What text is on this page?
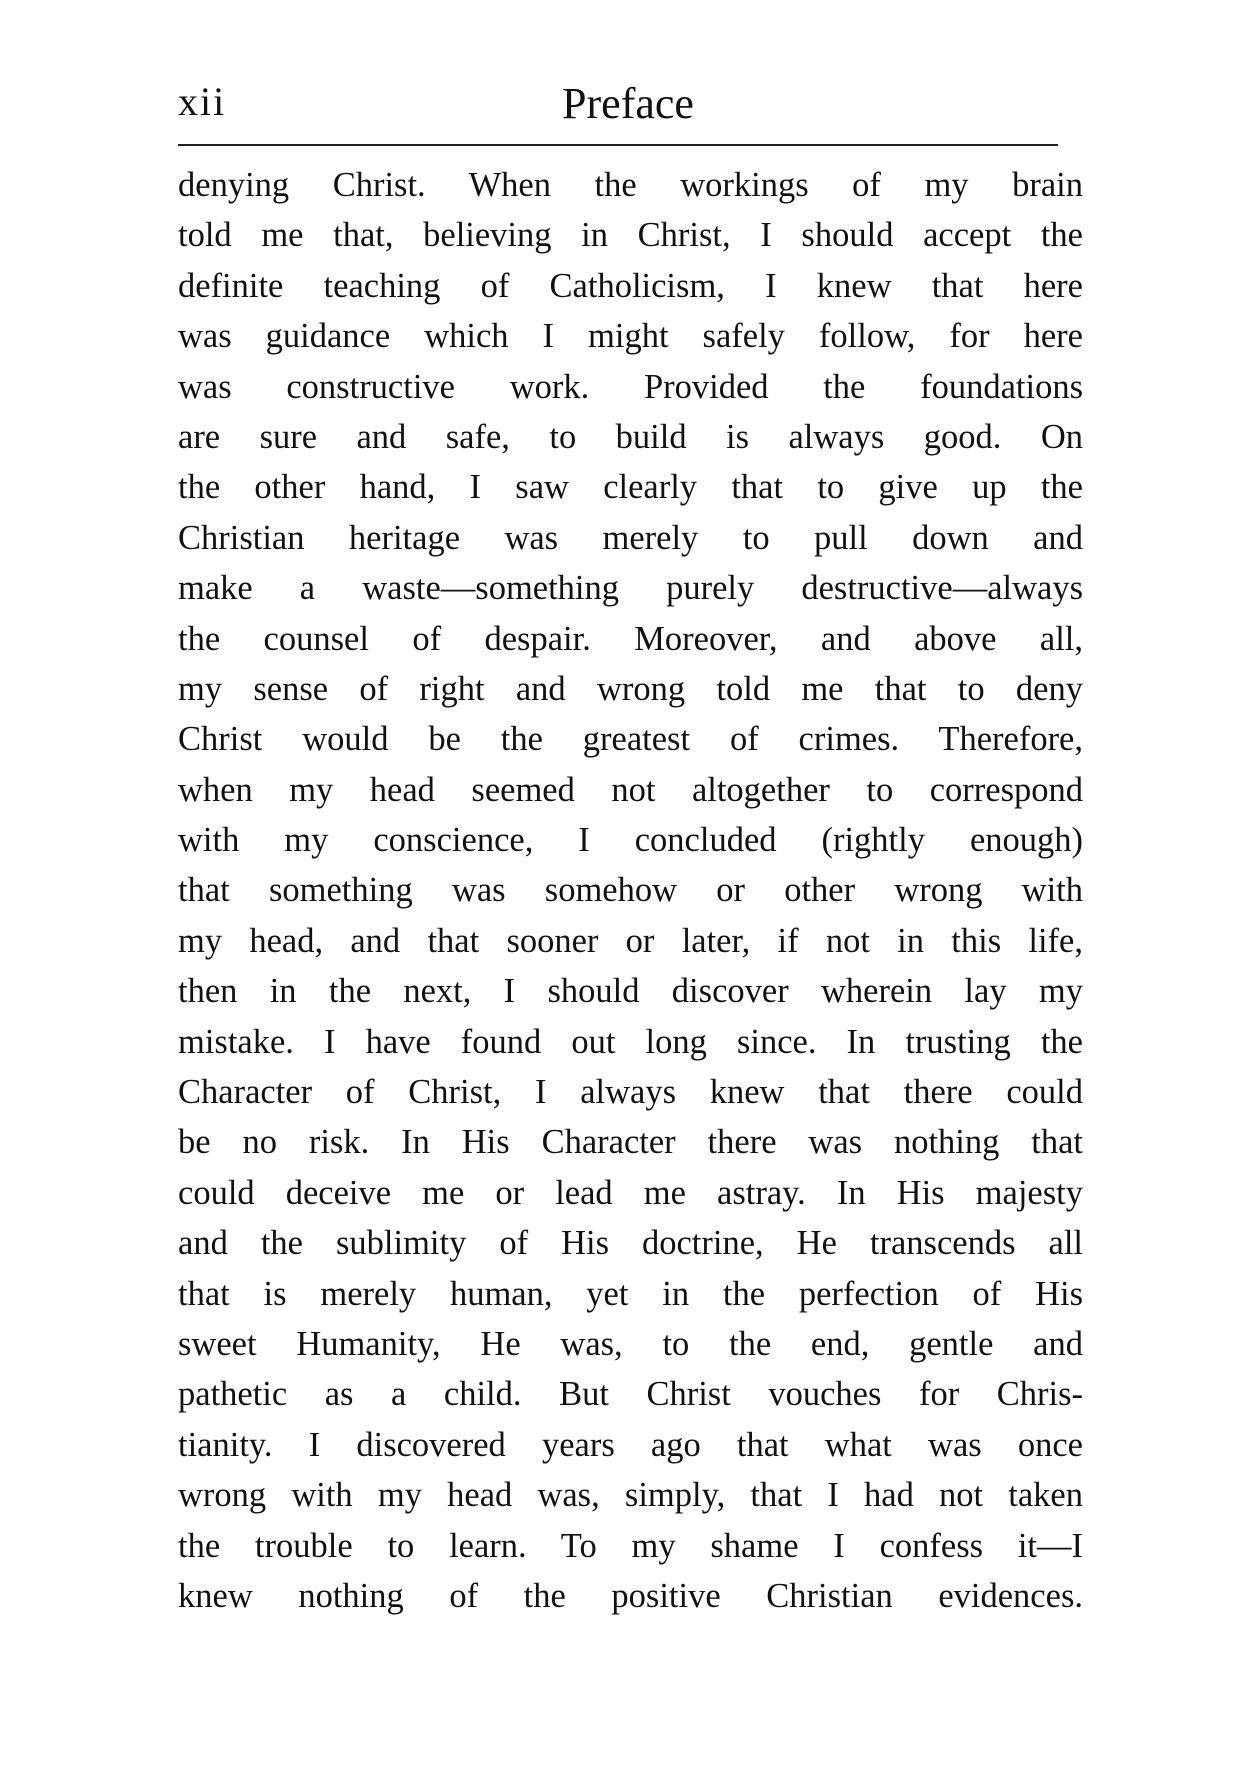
xii	Preface
denying Christ. When the workings of my brain
told me that, believing in Christ, I should accept the
definite teaching of Catholicism, I knew that here
was guidance which I might safely follow, for here
was constructive work. Provided the foundations
are sure and safe, to build is always good. On
the other hand, I saw clearly that to give up the
Christian heritage was merely to pull down and
make a waste—something purely destructive—always
the counsel of despair. Moreover, and above all,
my sense of right and wrong told me that to deny
Christ would be the greatest of crimes. Therefore,
when my head seemed not altogether to correspond
with my conscience, I concluded (rightly enough)
that something was somehow or other wrong with
my head, and that sooner or later, if not in this life,
then in the next, I should discover wherein lay my
mistake. I have found out long since. In trusting the
Character of Christ, I always knew that there could
be no risk. In His Character there was nothing that
could deceive me or lead me astray. In His majesty
and the sublimity of His doctrine, He transcends all
that is merely human, yet in the perfection of His
sweet Humanity, He was, to the end, gentle and
pathetic as a child. But Christ vouches for Chris-
tianity. I discovered years ago that what was once
wrong with my head was, simply, that I had not taken
the trouble to learn. To my shame I confess it—I
knew nothing of the positive Christian evidences.
